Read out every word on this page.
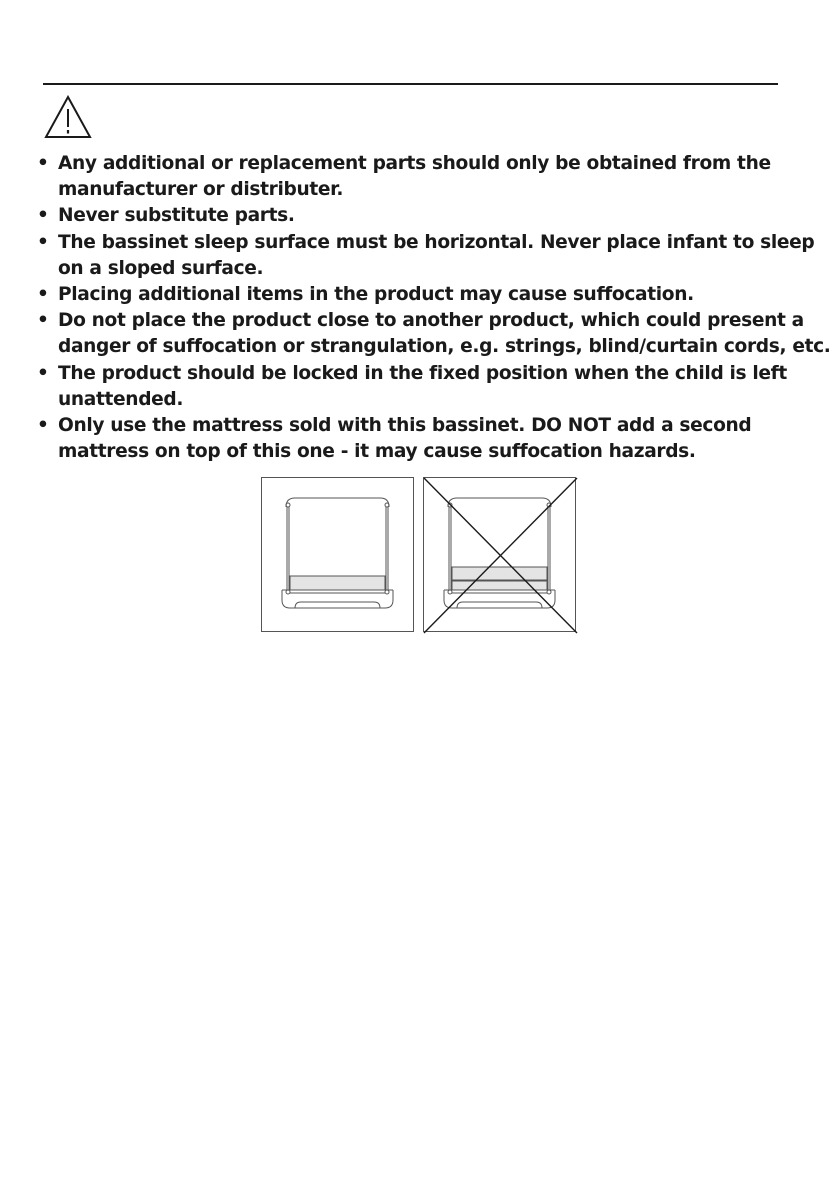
• Any additional or replacement parts should only be obtained from the
manufacturer or distributer.
• Never substitute parts.
• The bassinet sleep surface must be horizontal. Never place infant to sleep
on a sloped surface.
• Placing additional items in the product may cause suffocation.
• Do not place the product close to another product, which could present a
danger of suffocation or strangulation, e.g. strings, blind/curtain cords, etc.
• The product should be locked in the fixed position when the child is left
unattended.
• Only use the mattress sold with this bassinet. DO NOT add a second
mattress on top of this one - it may cause suffocation hazards.
